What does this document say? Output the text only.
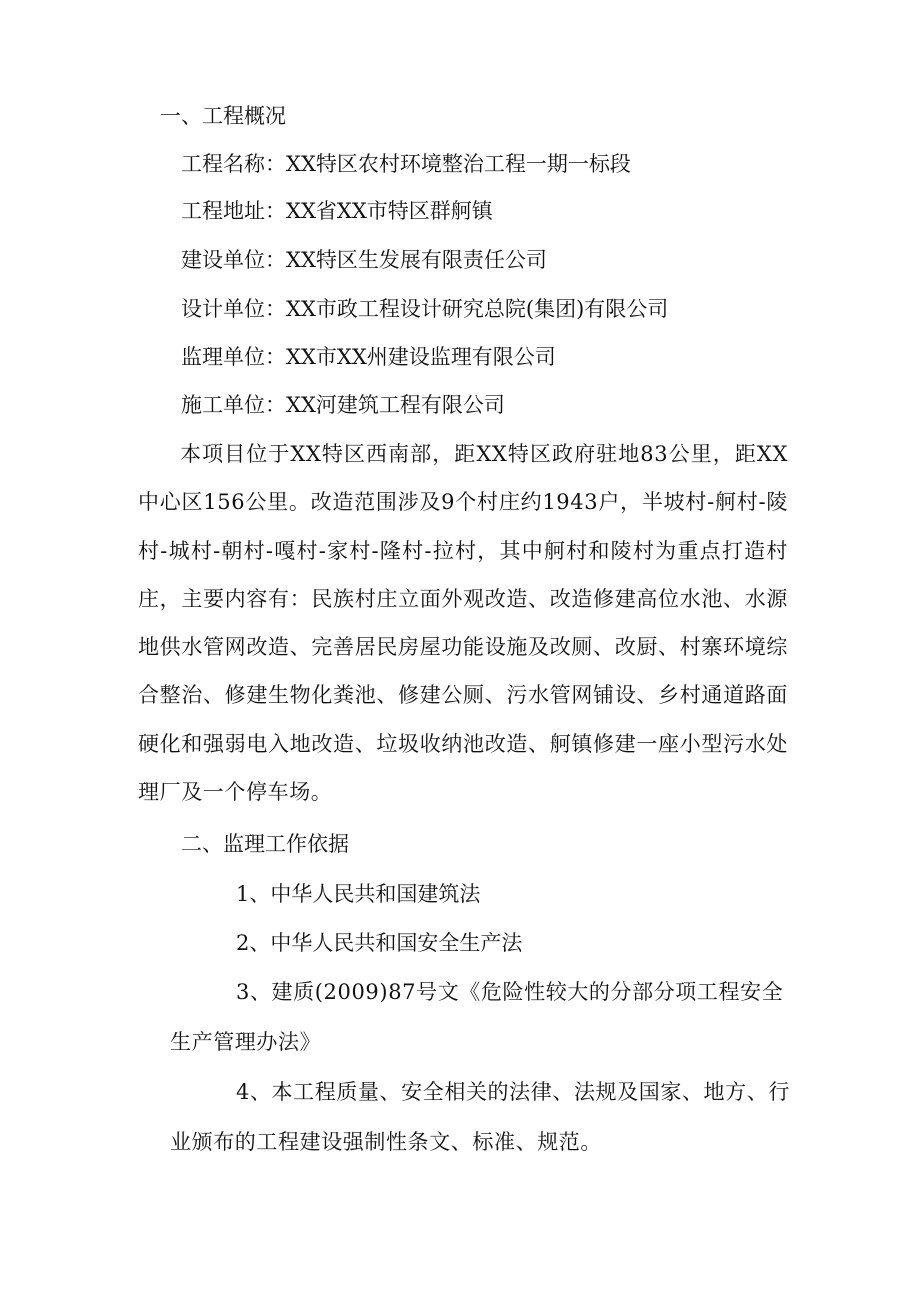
一、工程概况
工程名称：XX特区农村环境整治工程一期一标段
工程地址：XX省XX市特区群舸镇
建设单位：XX特区生发展有限责任公司
设计单位：XX市政工程设计研究总院(集团)有限公司
监理单位：XX市XX州建设监理有限公司
施工单位：XX河建筑工程有限公司
本项目位于XX特区西南部，距XX特区政府驻地83公里，距XX中心区156公里。改造范围涉及9个村庄约1943户，半坡村-舸村-陵村-城村-朝村-嘎村-家村-隆村-拉村，其中舸村和陵村为重点打造村庄，主要内容有：民族村庄立面外观改造、改造修建高位水池、水源地供水管网改造、完善居民房屋功能设施及改厕、改厨、村寨环境综合整治、修建生物化粪池、修建公厕、污水管网铺设、乡村通道路面硬化和强弱电入地改造、垃圾收纳池改造、舸镇修建一座小型污水处理厂及一个停车场。
二、监理工作依据
1、中华人民共和国建筑法
2、中华人民共和国安全生产法
3、建质(2009)87号文《危险性较大的分部分项工程安全生产管理办法》
4、本工程质量、安全相关的法律、法规及国家、地方、行业颁布的工程建设强制性条文、标准、规范。
